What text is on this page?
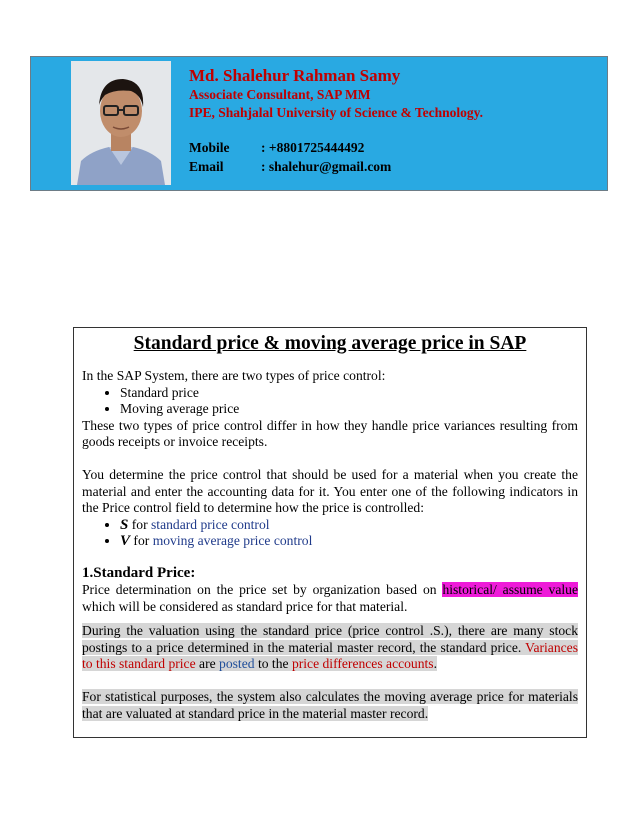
Md. Shalehur Rahman Samy
Associate Consultant, SAP MM
IPE, Shahjalal University of Science & Technology.
Mobile : +8801725444492
Email	: shalehur@gmail.com
Standard price & moving average price in SAP

In the SAP System, there are two types of price control:

• Standard price
• Moving average price

These two types of price control differ in how they handle price variances resulting from goods receipts or invoice receipts.

You determine the price control that should be used for a material when you create the material and enter the accounting data for it. You enter one of the following indicators in the Price control field to determine how the price is controlled:

• S for standard price control
• V for moving average price control
1.Standard Price:

Price determination on the price set by organization based on historical/ assume value which will be considered as standard price for that material.

During the valuation using the standard price (price control .S.), there are many stock postings to a price determined in the material master record, the standard price. Variances to this standard price are posted to the price differences accounts.

For statistical purposes, the system also calculates the moving average price for materials that are valuated at standard price in the material master record.
